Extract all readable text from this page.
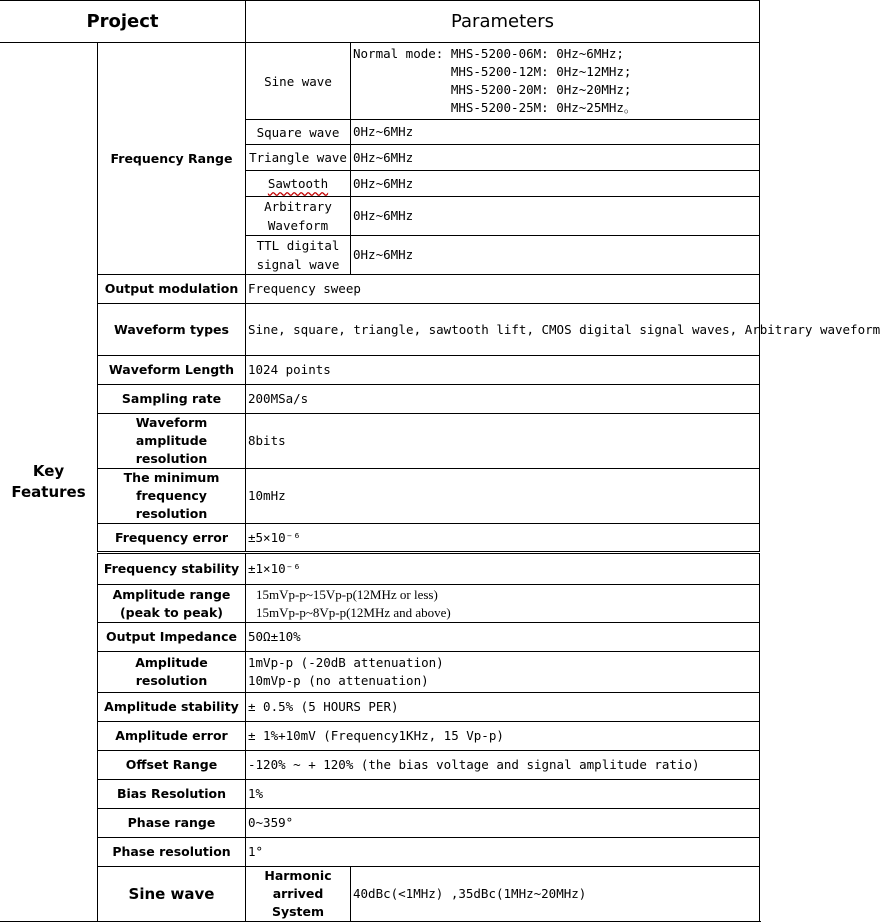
Project		Parameters	
Key Features	Frequency Range	Sine wave	Normal mode: MHS-5200-06M: 0Hz~6MHz;
MHS-5200-12M: 0Hz~12MHz;
MHS-5200-20M: 0Hz~20MHz;
MHS-5200-25M: 0Hz~25MHz。

		Square wave	0Hz~6MHz
		Triangle wave	0Hz~6MHz
		Sawtooth	0Hz~6MHz
		Arbitrary Waveform	0Hz~6MHz
		TTL digital signal wave	0Hz~6MHz
	Output modulation	Frequency sweep	
	Waveform types	Sine, square, triangle, sawtooth lift, CMOS digital signal waves, Arbitrary waveform	
	Waveform Length	1024 points	
	Sampling rate	200MSa/s	
	Waveform amplitude resolution	8bits	
	The minimum frequency resolution	10mHz	
	Frequency error	±5×10⁻⁶	
	Frequency stability	±1×10⁻⁶	
	Amplitude range (peak to peak)	15mVp-p~15Vp-p(12MHz or less)
15mVp-p~8Vp-p(12MHz and above)	

	Output Impedance	50Ω±10%	
	Amplitude resolution	1mVp-p (-20dB attenuation)
10mVp-p (no attenuation)	

	Amplitude stability	± 0.5% (5 HOURS PER)	
	Amplitude error	± 1%+10mV (Frequency1KHz, 15 Vp-p)	
	Offset Range	-120% ~ + 120% (the bias voltage and signal amplitude ratio)	
	Bias Resolution	1%	
	Phase range	0~359°	
	Phase resolution	1°	
	Sine wave	Harmonic arrived System	40dBc(<1MHz) ,35dBc(1MHz~20MHz)
